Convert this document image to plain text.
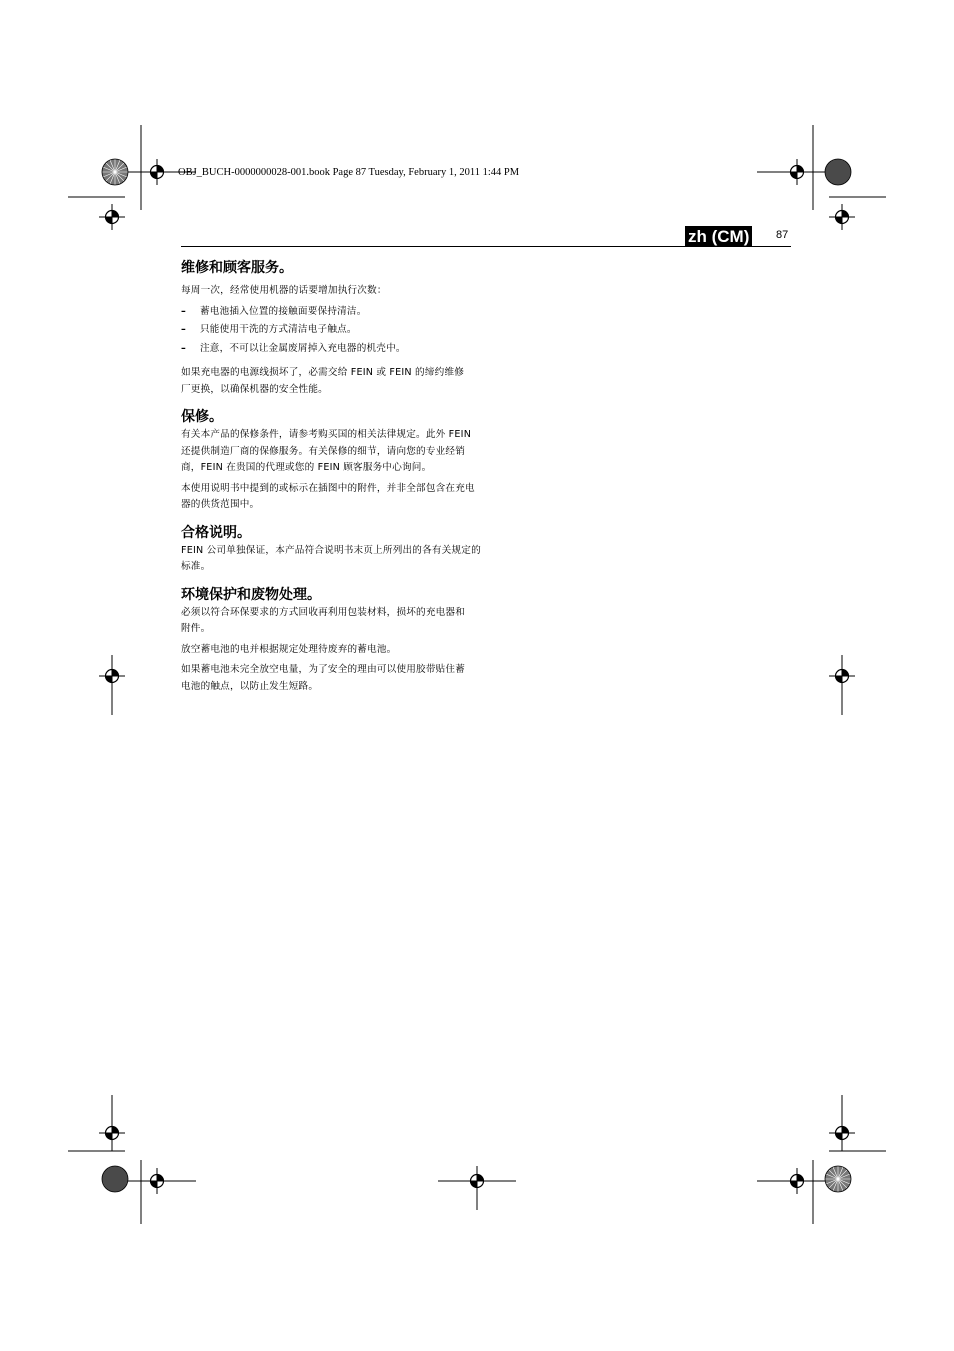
OBJ_BUCH-0000000028-001.book Page 87 Tuesday, February 1, 2011 1:44 PM
zh (CM) 87
维修和顾客服务。

每周一次，经常使用机器的话要增加执行次数：

– 蓄电池插入位置的接触面要保持清洁。
– 只能使用干洗的方式清洁电子触点。
– 注意，不可以让金属废屑掉入充电器的机壳中。

如果充电器的电源线损坏了，必需交给 FEIN 或 FEIN 的缔约维修厂更换，以确保机器的安全性能。

保修。

有关本产品的保修条件，请参考购买国的相关法律规定。此外 FEIN 还提供制造厂商的保修服务。有关保修的细节，请向您的专业经销商，FEIN 在贵国的代理或您的 FEIN 顾客服务中心询问。

本使用说明书中提到的或标示在插图中的附件，并非全部包含在充电器的供货范围中。

合格说明。

FEIN 公司单独保证，本产品符合说明书末页上所列出的各有关规定的标准。

环境保护和废物处理。

必须以符合环保要求的方式回收再利用包装材料，损坏的充电器和附件。

放空蓄电池的电并根据规定处理待废弃的蓄电池。

如果蓄电池未完全放空电量，为了安全的理由可以使用胶带贴住蓄电池的触点，以防止发生短路。
